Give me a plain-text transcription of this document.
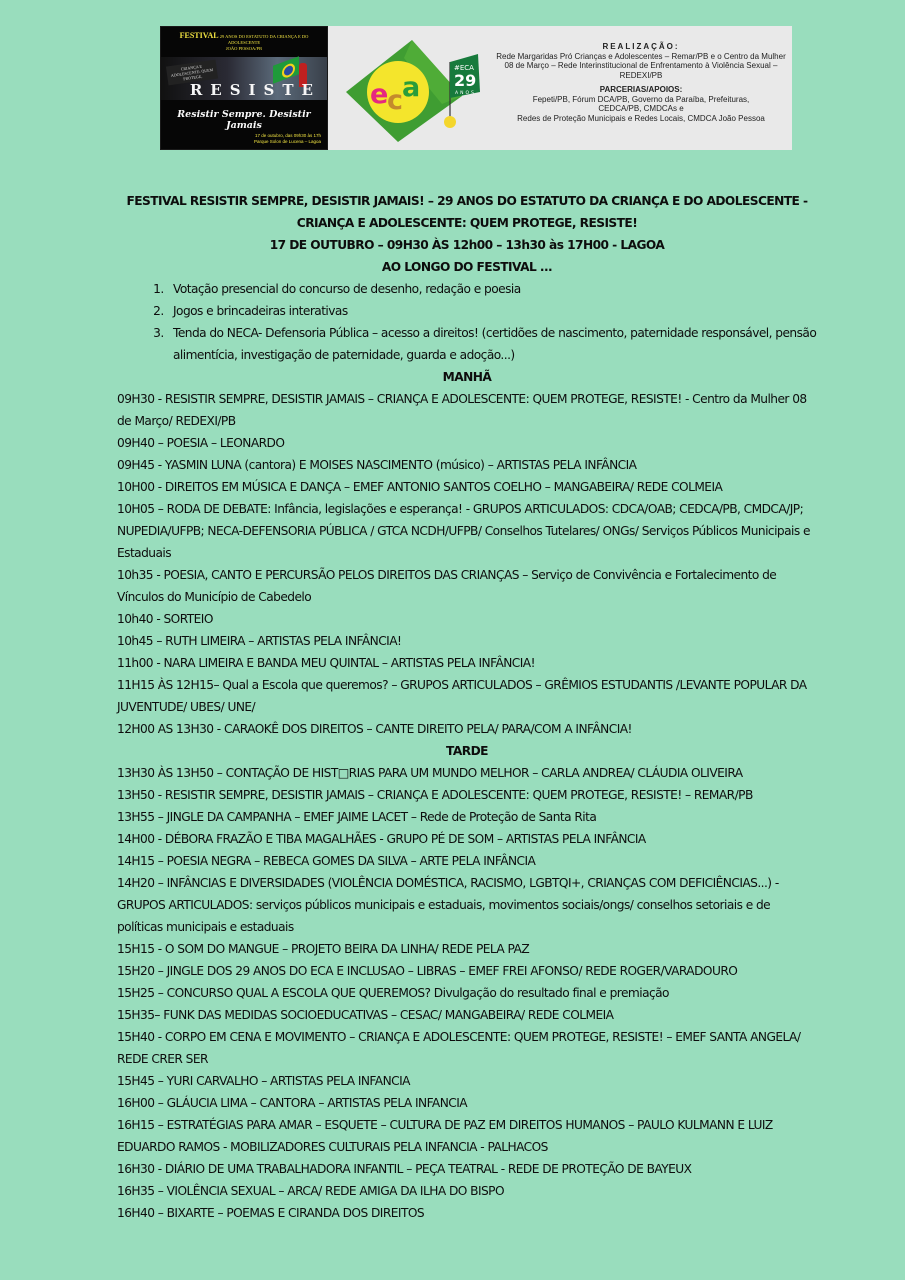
FESTIVAL 29 ANOS DO ESTATUTO DA CRIANÇA E DO ADOLESCENTE
JOÃO PESSOA/PB
CRIANÇA E ADOLESCENTE: QUEM PROTEGE,
RESISTE
Resistir Sempre. Desistir Jamais
17 de outubro, das 09h30 às 17h
Parque Solon de Lucena – Lagoa
e
c
a
#ECA
29
ANOS
REALIZAÇÃO:
Rede Margaridas Pró Crianças e Adolescentes – Remar/PB e o Centro da Mulher 08 de Março – Rede Interinstitucional de Enfrentamento à Violência Sexual – REDEXI/PB
PARCERIAS/APOIOS:
Fepeti/PB, Fórum DCA/PB, Governo da Paraíba, Prefeituras,
CEDCA/PB, CMDCAs e
Redes de Proteção Municipais e Redes Locais, CMDCA João Pessoa
FESTIVAL RESISTIR SEMPRE, DESISTIR JAMAIS! – 29 ANOS DO ESTATUTO DA CRIANÇA E DO ADOLESCENTE -
CRIANÇA E ADOLESCENTE: QUEM PROTEGE, RESISTE!
17 DE OUTUBRO – 09H30 ÀS 12h00 – 13h30 às 17H00 - LAGOA
AO LONGO DO FESTIVAL ...
1. Votação presencial do concurso de desenho, redação e poesia
2. Jogos e brincadeiras interativas
3. Tenda do NECA- Defensoria Pública – acesso a direitos! (certidões de nascimento, paternidade responsável, pensão alimentícia, investigação de paternidade, guarda e adoção...)
MANHÃ
09H30 - RESISTIR SEMPRE, DESISTIR JAMAIS – CRIANÇA E ADOLESCENTE: QUEM PROTEGE, RESISTE! - Centro da Mulher 08 de Março/ REDEXI/PB
09H40 – POESIA – LEONARDO
09H45 - YASMIN LUNA (cantora) E MOISES NASCIMENTO (músico) – ARTISTAS PELA INFÂNCIA
10H00 - DIREITOS EM MÚSICA E DANÇA – EMEF ANTONIO SANTOS COELHO – MANGABEIRA/ REDE COLMEIA
10H05 – RODA DE DEBATE: Infância, legislações e esperança! - GRUPOS ARTICULADOS: CDCA/OAB; CEDCA/PB, CMDCA/JP; NUPEDIA/UFPB; NECA-DEFENSORIA PÚBLICA / GTCA NCDH/UFPB/ Conselhos Tutelares/ ONGs/ Serviços Públicos Municipais e Estaduais
10h35 - POESIA, CANTO E PERCURSÃO PELOS DIREITOS DAS CRIANÇAS – Serviço de Convivência e Fortalecimento de Vínculos do Município de Cabedelo
10h40 - SORTEIO
10h45 – RUTH LIMEIRA – ARTISTAS PELA INFÂNCIA!
11h00 - NARA LIMEIRA E BANDA MEU QUINTAL – ARTISTAS PELA INFÂNCIA!
11H15 ÀS 12H15– Qual a Escola que queremos? – GRUPOS ARTICULADOS – GRÊMIOS ESTUDANTIS /LEVANTE POPULAR DA JUVENTUDE/ UBES/ UNE/
12H00 AS 13H30 - CARAOKÊ DOS DIREITOS – CANTE DIREITO PELA/ PARA/COM A INFÂNCIA!
TARDE
13H30 ÀS 13H50 – CONTAÇÃO DE HIST□RIAS PARA UM MUNDO MELHOR – CARLA ANDREA/ CLÁUDIA OLIVEIRA
13H50 - RESISTIR SEMPRE, DESISTIR JAMAIS – CRIANÇA E ADOLESCENTE: QUEM PROTEGE, RESISTE! – REMAR/PB
13H55 – JINGLE DA CAMPANHA – EMEF JAIME LACET – Rede de Proteção de Santa Rita
14H00 - DÉBORA FRAZÃO E TIBA MAGALHÃES - GRUPO PÉ DE SOM – ARTISTAS PELA INFÂNCIA
14H15 – POESIA NEGRA – REBECA GOMES DA SILVA – ARTE PELA INFÂNCIA
14H20 – INFÂNCIAS E DIVERSIDADES (VIOLÊNCIA DOMÉSTICA, RACISMO, LGBTQI+, CRIANÇAS COM DEFICIÊNCIAS...) - GRUPOS ARTICULADOS: serviços públicos municipais e estaduais, movimentos sociais/ongs/ conselhos setoriais e de políticas municipais e estaduais
15H15 - O SOM DO MANGUE – PROJETO BEIRA DA LINHA/ REDE PELA PAZ
15H20 – JINGLE DOS 29 ANOS DO ECA E INCLUSAO – LIBRAS – EMEF FREI AFONSO/ REDE ROGER/VARADOURO
15H25 – CONCURSO QUAL A ESCOLA QUE QUEREMOS? Divulgação do resultado final e premiação
15H35– FUNK DAS MEDIDAS SOCIOEDUCATIVAS – CESAC/ MANGABEIRA/ REDE COLMEIA
15H40 - CORPO EM CENA E MOVIMENTO – CRIANÇA E ADOLESCENTE: QUEM PROTEGE, RESISTE! – EMEF SANTA ANGELA/ REDE CRER SER
15H45 – YURI CARVALHO – ARTISTAS PELA INFANCIA
16H00 – GLÁUCIA LIMA – CANTORA – ARTISTAS PELA INFANCIA
16H15 – ESTRATÉGIAS PARA AMAR – ESQUETE – CULTURA DE PAZ EM DIREITOS HUMANOS – PAULO KULMANN E LUIZ EDUARDO RAMOS - MOBILIZADORES CULTURAIS PELA INFANCIA - PALHACOS
16H30 - DIÁRIO DE UMA TRABALHADORA INFANTIL – PEÇA TEATRAL - REDE DE PROTEÇÃO DE BAYEUX
16H35 – VIOLÊNCIA SEXUAL – ARCA/ REDE AMIGA DA ILHA DO BISPO
16H40 – BIXARTE – POEMAS E CIRANDA DOS DIREITOS
